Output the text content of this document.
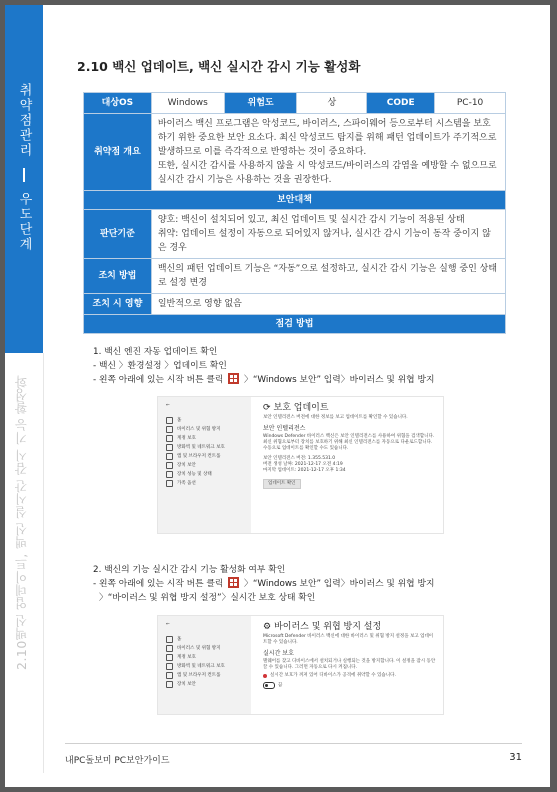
취약점관리
우도단계
2.10백신 업데이트, 백신 실시간 감시 기능 활성화
2.10 백신 업데이트, 백신 실시간 감시 기능 활성화
대상OS	Windows	위험도	상	CODE	PC-10
취약점 개요	바이러스 백신 프로그램은 악성코드, 바이러스, 스파이웨어 등으로부터 시스템을 보호하기 위한 중요한 보안 요소다. 최신 악성코드 탐지를 위해 패턴 업데이트가 주기적으로 발생하므로 이를 즉각적으로 반영하는 것이 중요하다.
또한, 실시간 감시를 사용하지 않을 시 악성코드/바이러스의 감염을 예방할 수 없으므로 실시간 감시 기능은 사용하는 것을 권장한다.				

보안대책					
판단기준	양호: 백신이 설치되어 있고, 최신 업데이트 및 실시간 감시 기능이 적용된 상태
취약: 업데이트 설정이 자동으로 되어있지 않거나, 실시간 감시 기능이 동작 중이지 않은 경우				

조치 방법	백신의 패턴 업데이트 기능은 “자동”으로 설정하고, 실시간 감시 기능은 실행 중인 상태로 설정 변경				
조치 시 영향	일반적으로 영향 없음				
점검 방법					
1. 백신 엔진 자동 업데이트 확인
- 백신 〉환경설정 〉업데이트 확인
- 왼쪽 아래에 있는 시작 버튼 클릭 〉“Windows 보안” 입력〉바이러스 및 위협 방지
←
홈
바이러스 및 위협 방지
계정 보호
방화벽 및 네트워크 보호
앱 및 브라우저 컨트롤
장치 보안
장치 성능 및 상태
가족 옵션
⟳ 보호 업데이트
보안 인텔리전스 버전에 대한 정보를 보고 업데이트를 확인할 수 있습니다.
보안 인텔리전스
Windows Defender 바이러스 백신은 보안 인텔리전스를 사용하여 위협을 검색합니다. 최신 위협으로부터 장치를 보호하기 위해 최신 인텔리전스를 자동으로 다운로드합니다. 수동으로 업데이트를 확인할 수도 있습니다.
보안 인텔리전스 버전: 1.355.531.0
버전 생성 날짜: 2021-12-17 오전 4:19
마지막 업데이트: 2021-12-17 오후 1:34
업데이트 확인
2. 백신의 기능 실시간 감시 기능 활성화 여부 확인
- 왼쪽 아래에 있는 시작 버튼 클릭 〉“Windows 보안” 입력〉바이러스 및 위협 방지
〉“바이러스 및 위협 방지 설정”〉실시간 보호 상태 확인
←
홈
바이러스 및 위협 방지
계정 보호
방화벽 및 네트워크 보호
앱 및 브라우저 컨트롤
장치 보안
⚙ 바이러스 및 위협 방지 설정
Microsoft Defender 바이러스 백신에 대한 바이러스 및 위협 방지 설정을 보고 업데이트할 수 있습니다.
실시간 보호
맬웨어를 찾고 디바이스에서 설치되거나 실행되는 것을 방지합니다. 이 설정을 잠시 동안 끌 수 있습니다. 그러면 자동으로 다시 켜집니다.
실시간 보호가 꺼져 있어 디바이스가 공격에 취약할 수 있습니다.
끔
내PC돌보미 PC보안가이드	31
